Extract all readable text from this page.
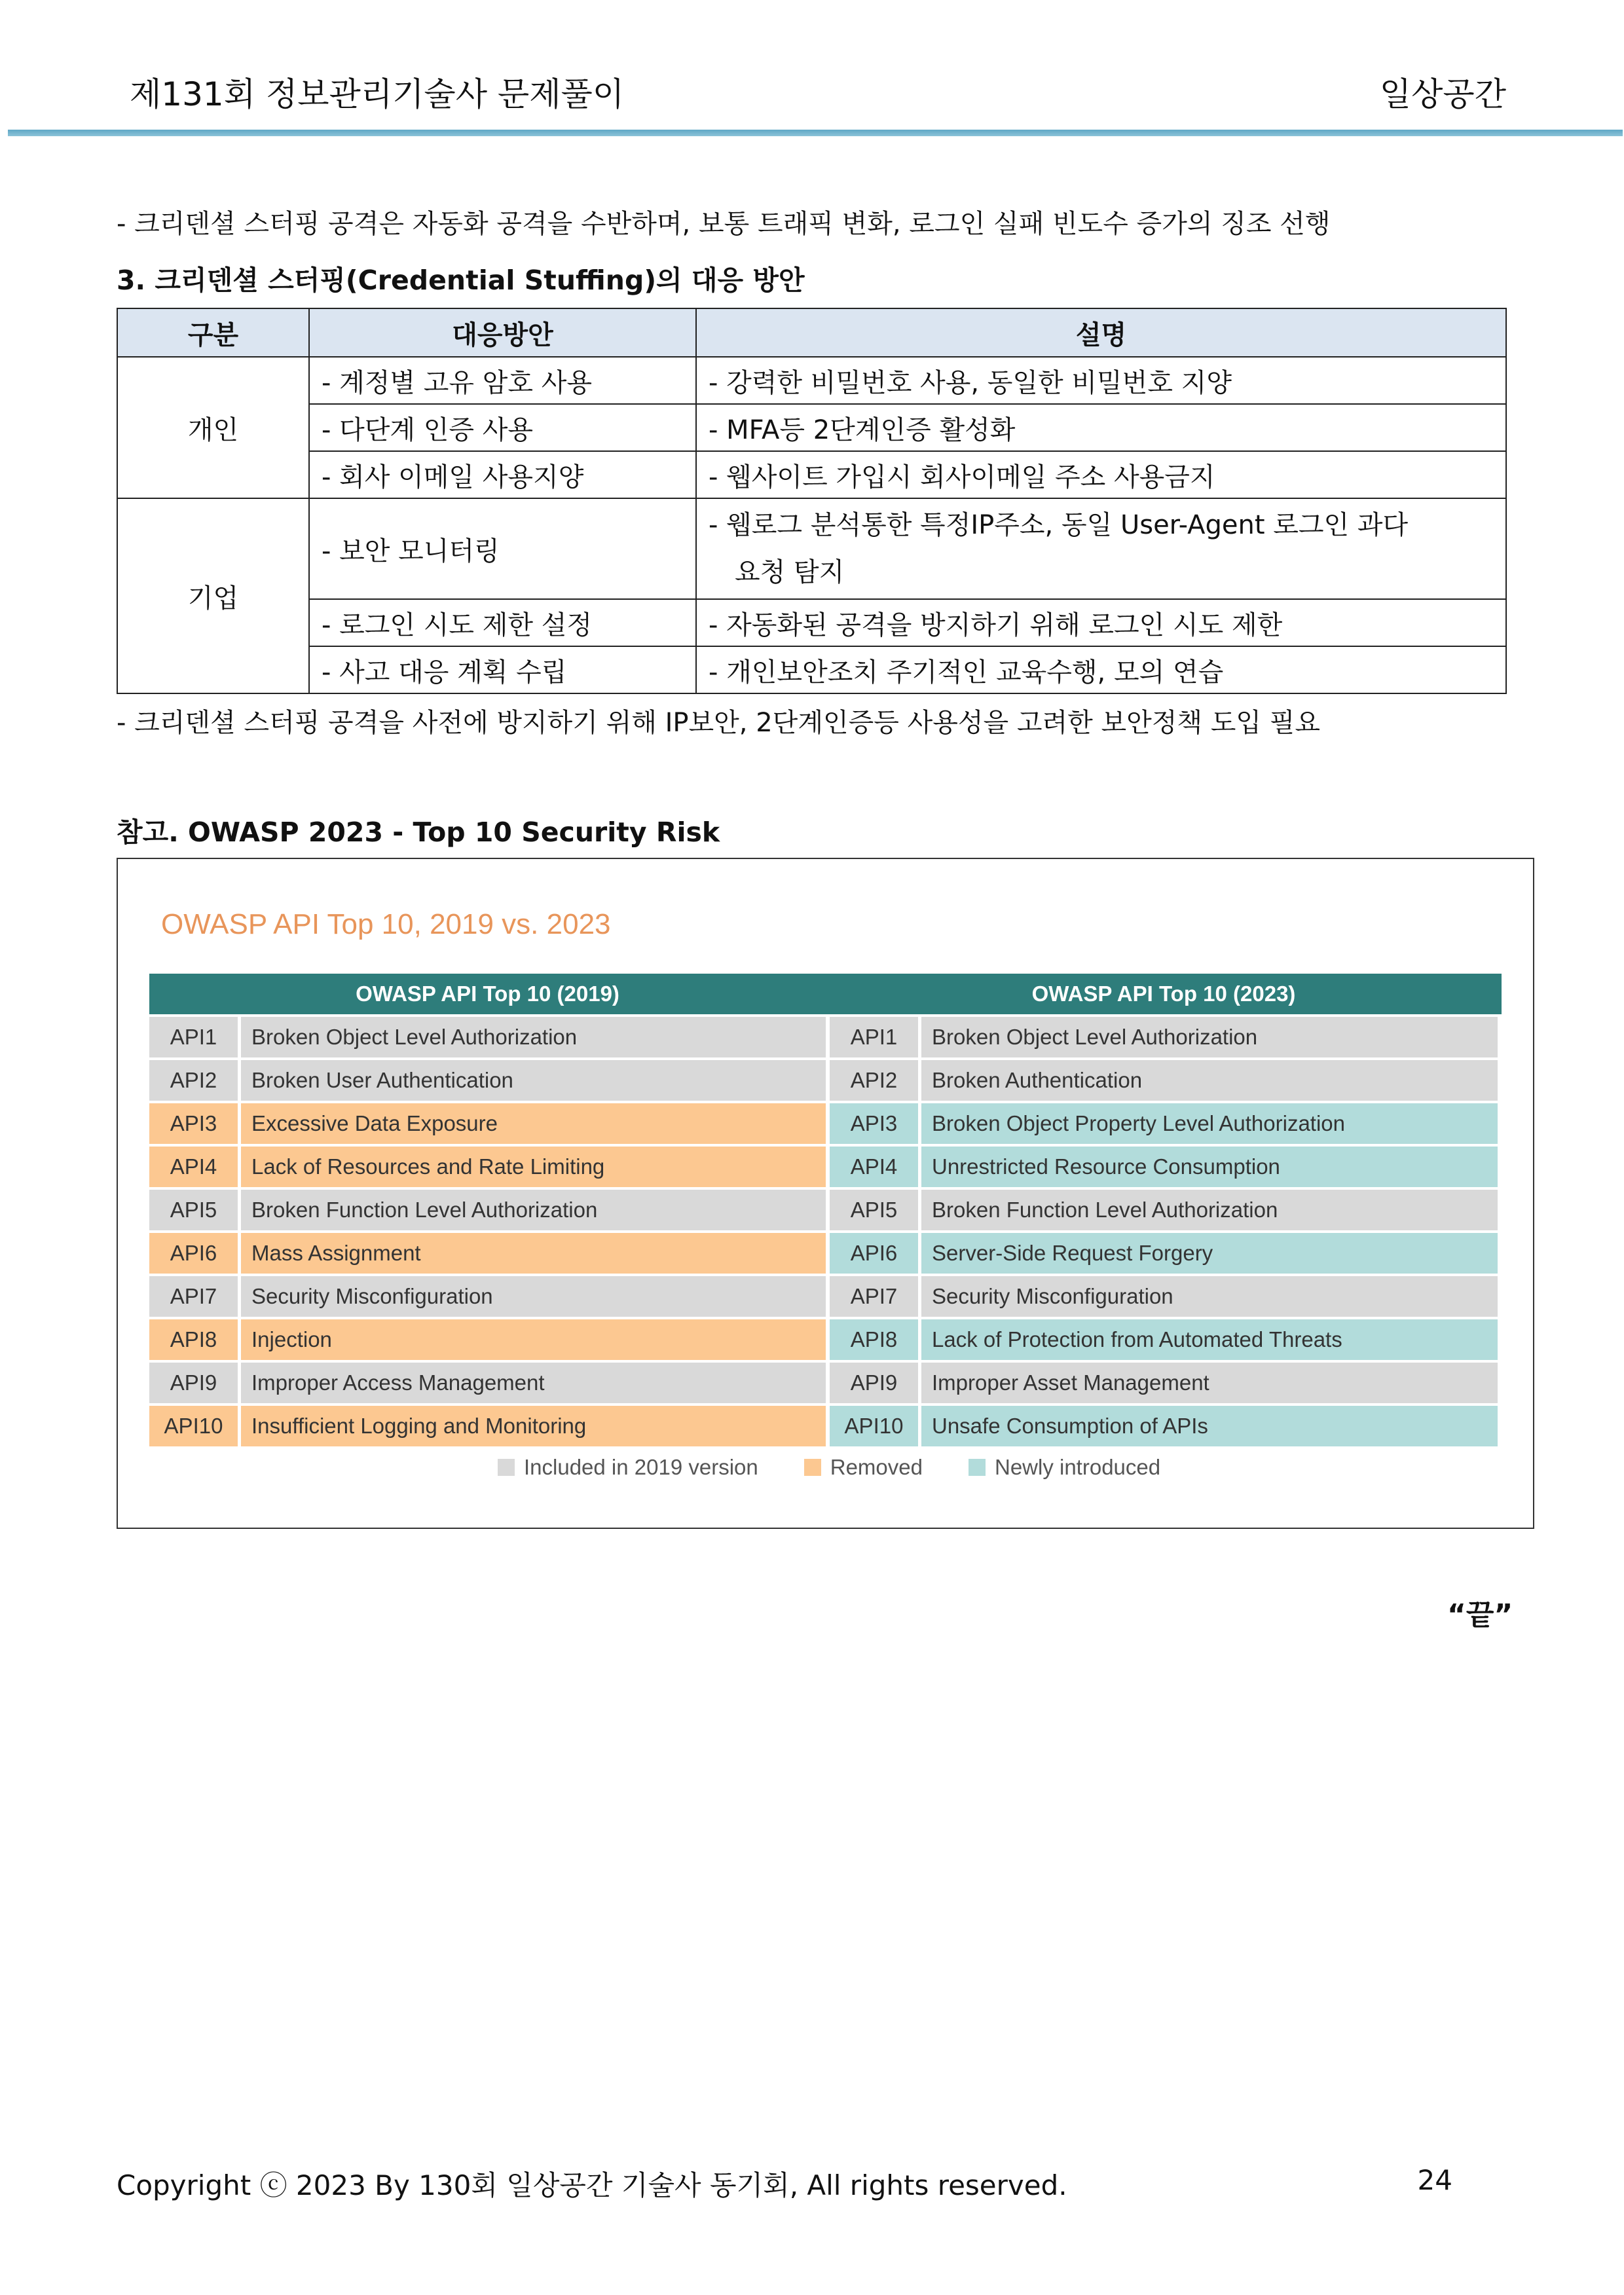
제131회 정보관리기술사 문제풀이	일상공간
- 크리덴셜 스터핑 공격은 자동화 공격을 수반하며, 보통 트래픽 변화, 로그인 실패 빈도수 증가의 징조 선행
3. 크리덴셜 스터핑(Credential Stuffing)의 대응 방안
구분	대응방안	설명
개인	- 계정별 고유 암호 사용	- 강력한 비밀번호 사용, 동일한 비밀번호 지양
	- 다단계 인증 사용	- MFA등 2단계인증 활성화
	- 회사 이메일 사용지양	- 웹사이트 가입시 회사이메일 주소 사용금지
기업	- 보안 모니터링	- 웹로그 분석통한 특정IP주소, 동일 User-Agent 로그인 과다
요청 탐지

	- 로그인 시도 제한 설정	- 자동화된 공격을 방지하기 위해 로그인 시도 제한
	- 사고 대응 계획 수립	- 개인보안조치 주기적인 교육수행, 모의 연습
- 크리덴셜 스터핑 공격을 사전에 방지하기 위해 IP보안, 2단계인증등 사용성을 고려한 보안정책 도입 필요
참고. OWASP 2023 - Top 10 Security Risk
OWASP API Top 10, 2019 vs. 2023
OWASP API Top 10 (2019)	OWASP API Top 10 (2023)
API1	Broken Object Level Authorization	API1	Broken Object Level Authorization
API2	Broken User Authentication	API2	Broken Authentication
API3	Excessive Data Exposure	API3	Broken Object Property Level Authorization
API4	Lack of Resources and Rate Limiting	API4	Unrestricted Resource Consumption
API5	Broken Function Level Authorization	API5	Broken Function Level Authorization
API6	Mass Assignment	API6	Server-Side Request Forgery
API7	Security Misconfiguration	API7	Security Misconfiguration
API8	Injection	API8	Lack of Protection from Automated Threats
API9	Improper Access Management	API9	Improper Asset Management
API10	Insufficient Logging and Monitoring	API10	Unsafe Consumption of APIs
Included in 2019 version	Removed	Newly introduced
“끝”
Copyright ⓒ 2023 By 130회 일상공간 기술사 동기회, All rights reserved.	24
